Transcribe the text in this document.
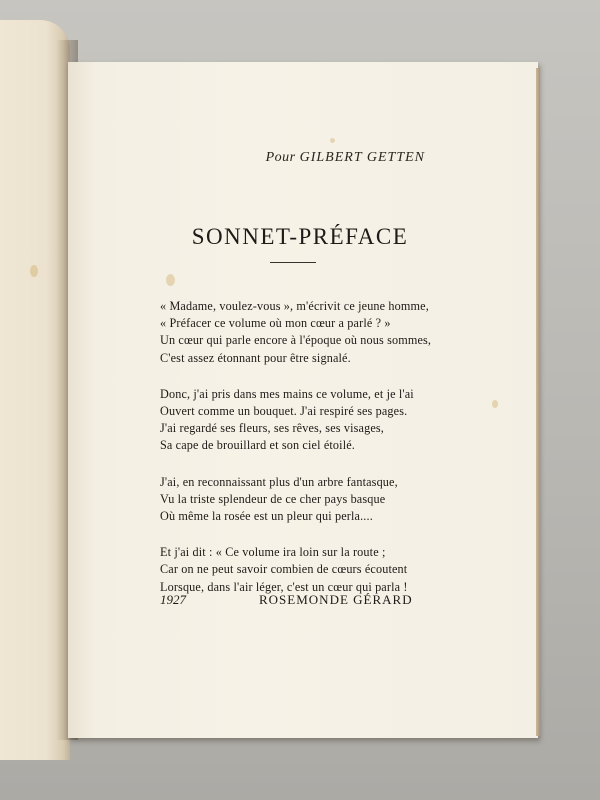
Pour GILBERT GETTEN
SONNET-PRÉFACE
« Madame, voulez-vous », m'écrivit ce jeune homme,
« Préfacer ce volume où mon cœur a parlé ? »
Un cœur qui parle encore à l'époque où nous sommes,
C'est assez étonnant pour être signalé.
Donc, j'ai pris dans mes mains ce volume, et je l'ai
Ouvert comme un bouquet. J'ai respiré ses pages.
J'ai regardé ses fleurs, ses rêves, ses visages,
Sa cape de brouillard et son ciel étoilé.
J'ai, en reconnaissant plus d'un arbre fantasque,
Vu la triste splendeur de ce cher pays basque
Où même la rosée est un pleur qui perla....
Et j'ai dit : « Ce volume ira loin sur la route ;
Car on ne peut savoir combien de cœurs écoutent
Lorsque, dans l'air léger, c'est un cœur qui parla !
1927	ROSEMONDE GÉRARD
